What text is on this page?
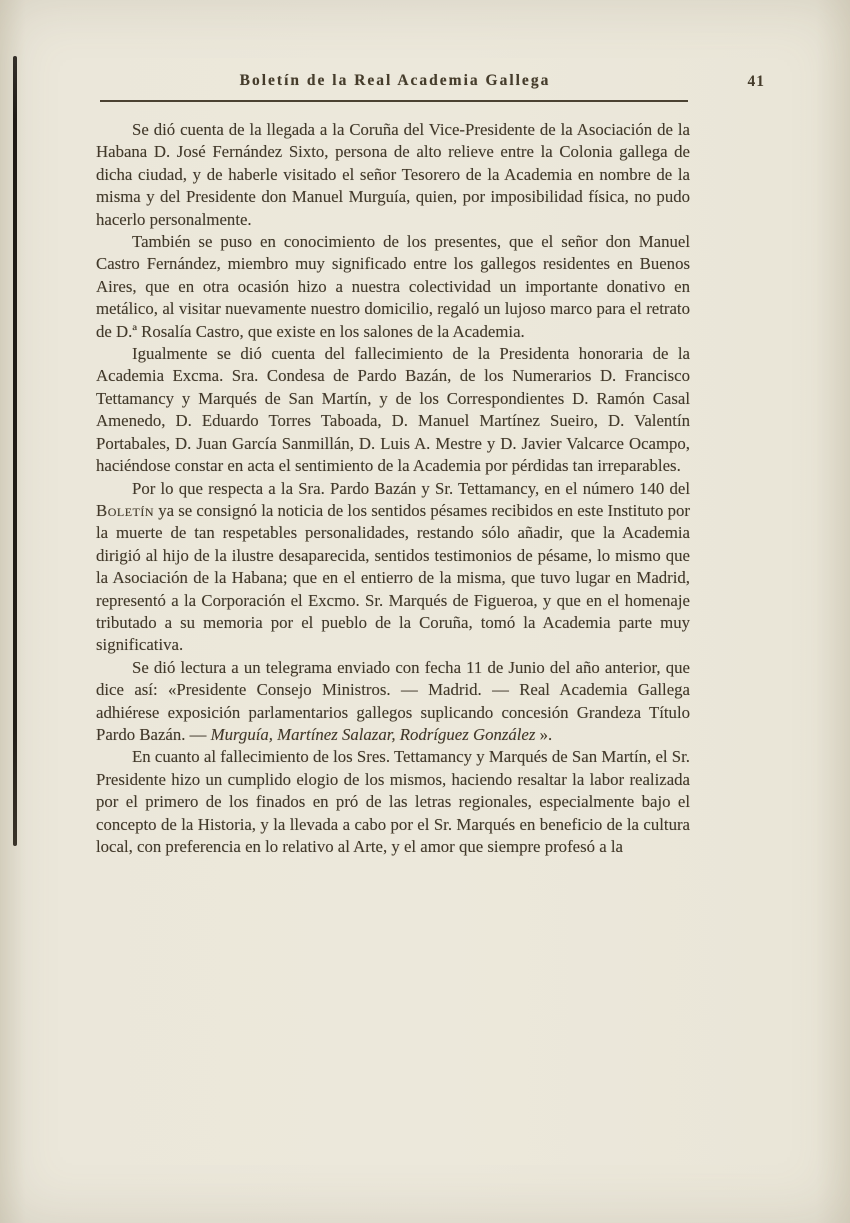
Boletín de la Real Academia Gallega	41

Se dió cuenta de la llegada a la Coruña del Vice-Presidente de la Asociación de la Habana D. José Fernández Sixto, persona de alto relieve entre la Colonia gallega de dicha ciudad, y de haberle visitado el señor Tesorero de la Academia en nombre de la misma y del Presidente don Manuel Murguía, quien, por imposibilidad física, no pudo hacerlo personalmente.

También se puso en conocimiento de los presentes, que el señor don Manuel Castro Fernández, miembro muy significado entre los gallegos residentes en Buenos Aires, que en otra ocasión hizo a nuestra colectividad un importante donativo en metálico, al visitar nuevamente nuestro domicilio, regaló un lujoso marco para el retrato de D.ª Rosalía Castro, que existe en los salones de la Academia.

Igualmente se dió cuenta del fallecimiento de la Presidenta honoraria de la Academia Excma. Sra. Condesa de Pardo Bazán, de los Numerarios D. Francisco Tettamancy y Marqués de San Martín, y de los Correspondientes D. Ramón Casal Amenedo, D. Eduardo Torres Taboada, D. Manuel Martínez Sueiro, D. Valentín Portabales, D. Juan García Sanmillán, D. Luis A. Mestre y D. Javier Valcarce Ocampo, haciéndose constar en acta el sentimiento de la Academia por pérdidas tan irreparables.

Por lo que respecta a la Sra. Pardo Bazán y Sr. Tettamancy, en el número 140 del Boletín ya se consignó la noticia de los sentidos pésames recibidos en este Instituto por la muerte de tan respetables personalidades, restando sólo añadir, que la Academia dirigió al hijo de la ilustre desaparecida, sentidos testimonios de pésame, lo mismo que la Asociación de la Habana; que en el entierro de la misma, que tuvo lugar en Madrid, representó a la Corporación el Excmo. Sr. Marqués de Figueroa, y que en el homenaje tributado a su memoria por el pueblo de la Coruña, tomó la Academia parte muy significativa.

Se dió lectura a un telegrama enviado con fecha 11 de Junio del año anterior, que dice así: «Presidente Consejo Ministros. — Madrid. — Real Academia Gallega adhiérese exposición parlamentarios gallegos suplicando concesión Grandeza Título Pardo Bazán. — Murguía, Martínez Salazar, Rodríguez González ».

En cuanto al fallecimiento de los Sres. Tettamancy y Marqués de San Martín, el Sr. Presidente hizo un cumplido elogio de los mismos, haciendo resaltar la labor realizada por el primero de los finados en pró de las letras regionales, especialmente bajo el concepto de la Historia, y la llevada a cabo por el Sr. Marqués en beneficio de la cultura local, con preferencia en lo relativo al Arte, y el amor que siempre profesó a la
